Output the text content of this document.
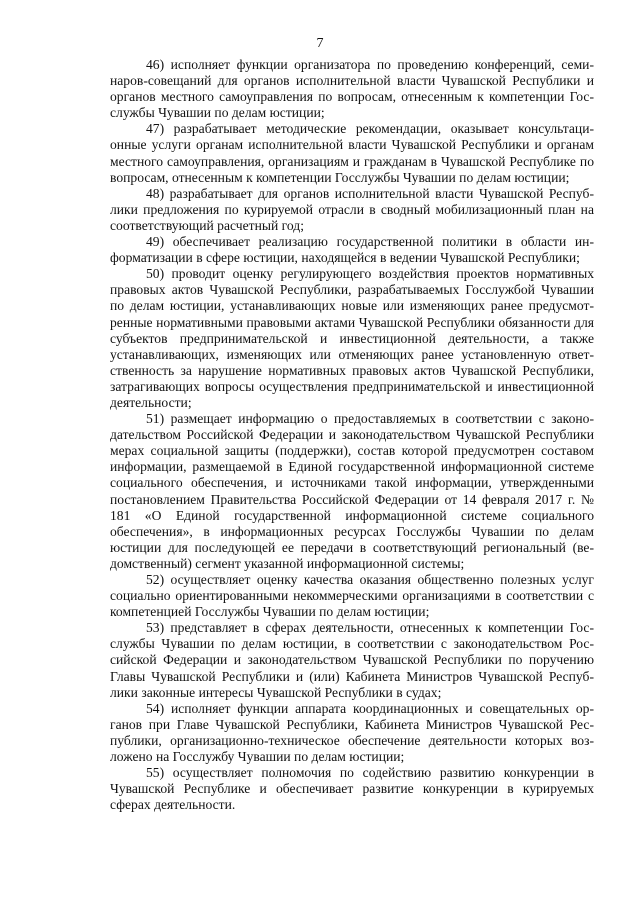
7

46) исполняет функции организатора по проведению конференций, семинаров-совещаний для органов исполнительной власти Чувашской Республики и органов местного самоуправления по вопросам, отнесенным к компетенции Госслужбы Чувашии по делам юстиции;

47) разрабатывает методические рекомендации, оказывает консультационные услуги органам исполнительной власти Чувашской Республики и органам местного самоуправления, организациям и гражданам в Чувашской Республике по вопросам, отнесенным к компетенции Госслужбы Чувашии по делам юстиции;

48) разрабатывает для органов исполнительной власти Чувашской Республики предложения по курируемой отрасли в сводный мобилизационный план на соответствующий расчетный год;

49) обеспечивает реализацию государственной политики в области информатизации в сфере юстиции, находящейся в ведении Чувашской Республики;

50) проводит оценку регулирующего воздействия проектов нормативных правовых актов Чувашской Республики, разрабатываемых Госслужбой Чувашии по делам юстиции, устанавливающих новые или изменяющих ранее предусмотренные нормативными правовыми актами Чувашской Республики обязанности для субъектов предпринимательской и инвестиционной деятельности, а также устанавливающих, изменяющих или отменяющих ранее установленную ответственность за нарушение нормативных правовых актов Чувашской Республики, затрагивающих вопросы осуществления предпринимательской и инвестиционной деятельности;

51) размещает информацию о предоставляемых в соответствии с законодательством Российской Федерации и законодательством Чувашской Республики мерах социальной защиты (поддержки), состав которой предусмотрен составом информации, размещаемой в Единой государственной информационной системе социального обеспечения, и источниками такой информации, утвержденными постановлением Правительства Российской Федерации от 14 февраля 2017 г. № 181 «О Единой государственной информационной системе социального обеспечения», в информационных ресурсах Госслужбы Чувашии по делам юстиции для последующей ее передачи в соответствующий региональный (ведомственный) сегмент указанной информационной системы;

52) осуществляет оценку качества оказания общественно полезных услуг социально ориентированными некоммерческими организациями в соответствии с компетенцией Госслужбы Чувашии по делам юстиции;

53) представляет в сферах деятельности, отнесенных к компетенции Госслужбы Чувашии по делам юстиции, в соответствии с законодательством Российской Федерации и законодательством Чувашской Республики по поручению Главы Чувашской Республики и (или) Кабинета Министров Чувашской Республики законные интересы Чувашской Республики в судах;

54) исполняет функции аппарата координационных и совещательных органов при Главе Чувашской Республики, Кабинета Министров Чувашской Республики, организационно-техническое обеспечение деятельности которых возложено на Госслужбу Чувашии по делам юстиции;

55) осуществляет полномочия по содействию развитию конкуренции в Чувашской Республике и обеспечивает развитие конкуренции в курируемых сферах деятельности.
